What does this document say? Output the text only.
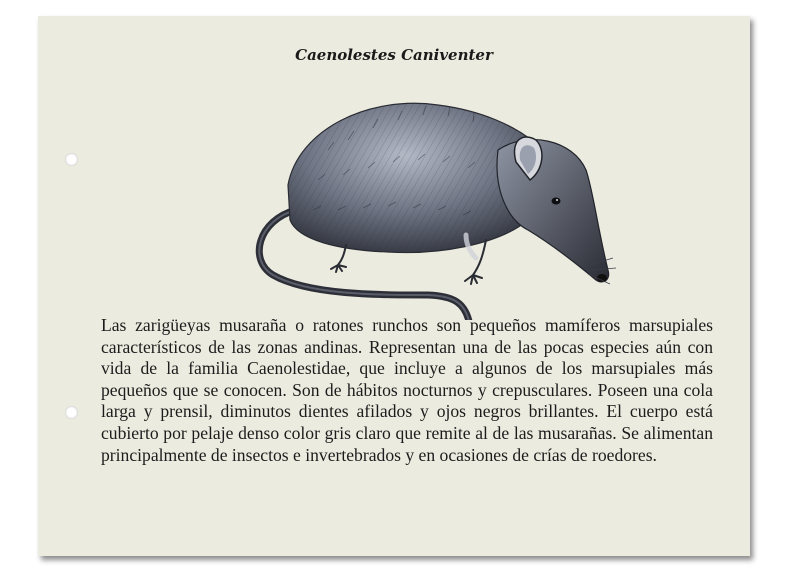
Caenolestes Caniventer

Las zarigüeyas musaraña o ratones runchos son pequeños mamíferos marsupiales característicos de las zonas andinas. Representan una de las pocas especies aún con vida de la familia Caenolestidae, que incluye a algunos de los marsupiales más pequeños que se conocen. Son de hábitos nocturnos y crepusculares. Poseen una cola larga y prensil, diminutos dientes afilados y ojos negros brillantes. El cuerpo está cubierto por pelaje denso color gris claro que remite al de las musarañas. Se alimentan principalmente de insectos e invertebrados y en ocasiones de crías de roedores.
